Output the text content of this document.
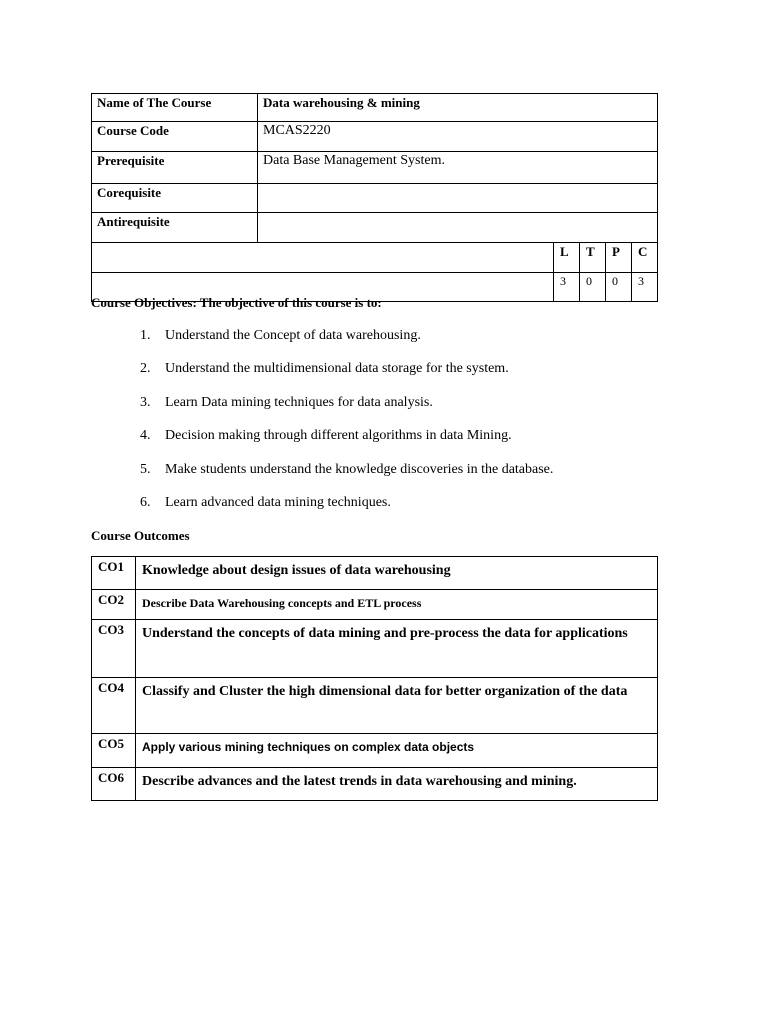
Name of The Course	Data warehousing & mining				
Course Code	MCAS2220				
Prerequisite	Data Base Management System.				
Corequisite					
Antirequisite					
		L	T	P	C
		3	0	0	3

Course Objectives: The objective of this course is to:

1. Understand the Concept of data warehousing.
2. Understand the multidimensional data storage for the system.
3. Learn Data mining techniques for data analysis.
4. Decision making through different algorithms in data Mining.
5. Make students understand the knowledge discoveries in the database.
6. Learn advanced data mining techniques.

Course Outcomes

CO1	Knowledge about design issues of data warehousing
CO2	Describe Data Warehousing concepts and ETL process
CO3	Understand the concepts of data mining and pre-process the data for applications
CO4	Classify and Cluster the high dimensional data for better organization of the data
CO5	Apply various mining techniques on complex data objects
CO6	Describe advances and the latest trends in data warehousing and mining.
